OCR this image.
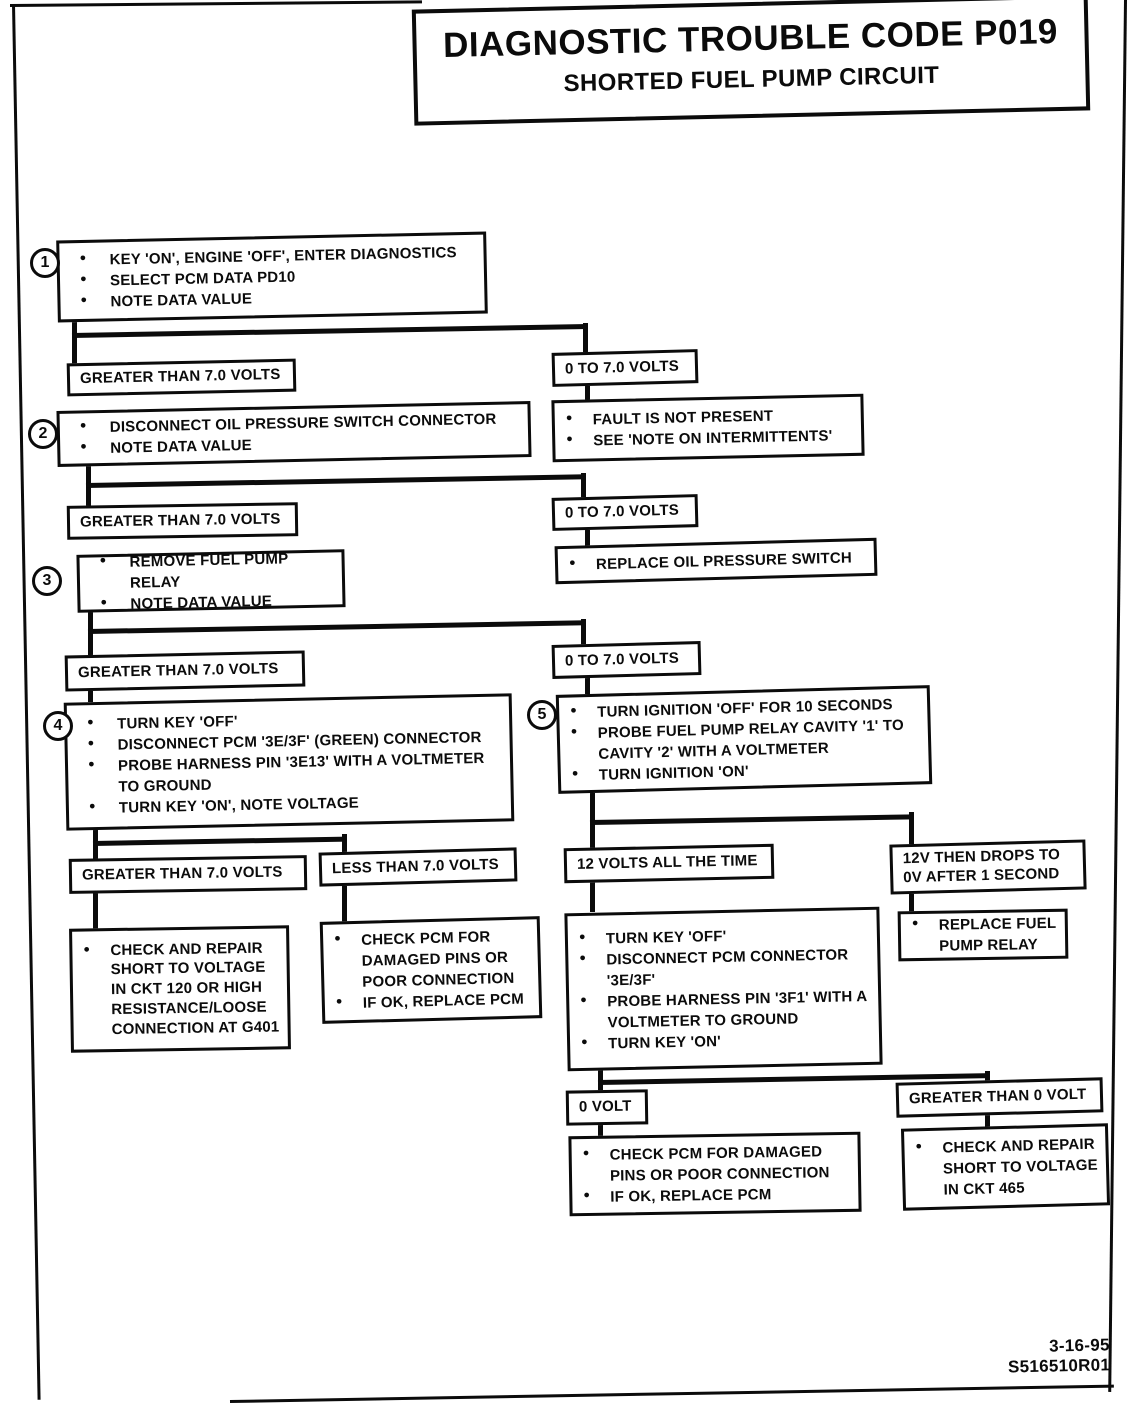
DIAGNOSTIC TROUBLE CODE P019
SHORTED FUEL PUMP CIRCUIT
1
2
3
4
5
● KEY 'ON', ENGINE 'OFF', ENTER DIAGNOSTICS
● SELECT PCM DATA PD10
● NOTE DATA VALUE
GREATER THAN 7.0 VOLTS	0 TO 7.0 VOLTS
● FAULT IS NOT PRESENT
● SEE 'NOTE ON INTERMITTENTS'
● DISCONNECT OIL PRESSURE SWITCH CONNECTOR
● NOTE DATA VALUE
GREATER THAN 7.0 VOLTS	0 TO 7.0 VOLTS
● REPLACE OIL PRESSURE SWITCH
● REMOVE FUEL PUMP RELAY
● NOTE DATA VALUE
GREATER THAN 7.0 VOLTS
0 TO 7.0 VOLTS
● TURN KEY 'OFF'
● DISCONNECT PCM '3E/3F' (GREEN) CONNECTOR
● PROBE HARNESS PIN '3E13' WITH A VOLTMETER TO GROUND
● TURN KEY 'ON', NOTE VOLTAGE
● TURN IGNITION 'OFF' FOR 10 SECONDS
● PROBE FUEL PUMP RELAY CAVITY '1' TO CAVITY '2' WITH A VOLTMETER
● TURN IGNITION 'ON'
GREATER THAN 7.0 VOLTS	LESS THAN 7.0 VOLTS
● CHECK AND REPAIR SHORT TO VOLTAGE IN CKT 120 OR HIGH RESISTANCE/LOOSE CONNECTION AT G401
● CHECK PCM FOR DAMAGED PINS OR POOR CONNECTION
● IF OK, REPLACE PCM
12 VOLTS ALL THE TIME	12V THEN DROPS TO
0V AFTER 1 SECOND
● REPLACE FUEL PUMP RELAY
● TURN KEY 'OFF'
● DISCONNECT PCM CONNECTOR '3E/3F'
● PROBE HARNESS PIN '3F1' WITH A VOLTMETER TO GROUND
● TURN KEY 'ON'
0 VOLT	GREATER THAN 0 VOLT
● CHECK PCM FOR DAMAGED PINS OR POOR CONNECTION
● IF OK, REPLACE PCM
● CHECK AND REPAIR SHORT TO VOLTAGE IN CKT 465
3-16-95
S516510R01
